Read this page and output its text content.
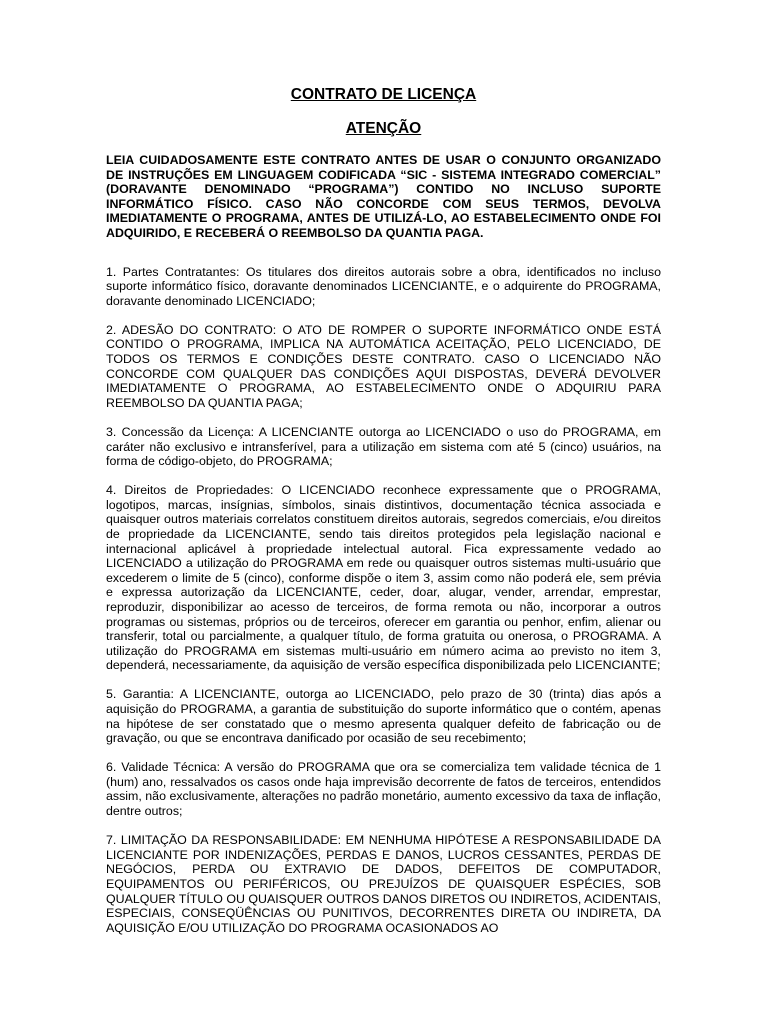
CONTRATO DE LICENÇA
ATENÇÃO

LEIA CUIDADOSAMENTE ESTE CONTRATO ANTES DE USAR O CONJUNTO ORGANIZADO DE INSTRUÇÕES EM LINGUAGEM CODIFICADA “SIC - SISTEMA INTEGRADO COMERCIAL” (DORAVANTE DENOMINADO “PROGRAMA”) CONTIDO NO INCLUSO SUPORTE INFORMÁTICO FÍSICO. CASO NÃO CONCORDE COM SEUS TERMOS, DEVOLVA IMEDIATAMENTE O PROGRAMA, ANTES DE UTILIZÁ-LO, AO ESTABELECIMENTO ONDE FOI ADQUIRIDO, E RECEBERÁ O REEMBOLSO DA QUANTIA PAGA.

1. Partes Contratantes: Os titulares dos direitos autorais sobre a obra, identificados no incluso suporte informático físico, doravante denominados LICENCIANTE, e o adquirente do PROGRAMA, doravante denominado LICENCIADO;

2. ADESÃO DO CONTRATO: O ATO DE ROMPER O SUPORTE INFORMÁTICO ONDE ESTÁ CONTIDO O PROGRAMA, IMPLICA NA AUTOMÁTICA ACEITAÇÃO, PELO LICENCIADO, DE TODOS OS TERMOS E CONDIÇÕES DESTE CONTRATO. CASO O LICENCIADO NÃO CONCORDE COM QUALQUER DAS CONDIÇÕES AQUI DISPOSTAS, DEVERÁ DEVOLVER IMEDIATAMENTE O PROGRAMA, AO ESTABELECIMENTO ONDE O ADQUIRIU PARA REEMBOLSO DA QUANTIA PAGA;

3. Concessão da Licença: A LICENCIANTE outorga ao LICENCIADO o uso do PROGRAMA, em caráter não exclusivo e intransferível, para a utilização em sistema com até 5 (cinco) usuários, na forma de código-objeto, do PROGRAMA;

4. Direitos de Propriedades: O LICENCIADO reconhece expressamente que o PROGRAMA, logotipos, marcas, insígnias, símbolos, sinais distintivos, documentação técnica associada e quaisquer outros materiais correlatos constituem direitos autorais, segredos comerciais, e/ou direitos de propriedade da LICENCIANTE, sendo tais direitos protegidos pela legislação nacional e internacional aplicável à propriedade intelectual autoral. Fica expressamente vedado ao LICENCIADO a utilização do PROGRAMA em rede ou quaisquer outros sistemas multi-usuário que excederem o limite de 5 (cinco), conforme dispõe o item 3, assim como não poderá ele, sem prévia e expressa autorização da LICENCIANTE, ceder, doar, alugar, vender, arrendar, emprestar, reproduzir, disponibilizar ao acesso de terceiros, de forma remota ou não, incorporar a outros programas ou sistemas, próprios ou de terceiros, oferecer em garantia ou penhor, enfim, alienar ou transferir, total ou parcialmente, a qualquer título, de forma gratuita ou onerosa, o PROGRAMA. A utilização do PROGRAMA em sistemas multi-usuário em número acima ao previsto no item 3, dependerá, necessariamente, da aquisição de versão específica disponibilizada pelo LICENCIANTE;

5. Garantia: A LICENCIANTE, outorga ao LICENCIADO, pelo prazo de 30 (trinta) dias após a aquisição do PROGRAMA, a garantia de substituição do suporte informático que o contém, apenas na hipótese de ser constatado que o mesmo apresenta qualquer defeito de fabricação ou de gravação, ou que se encontrava danificado por ocasião de seu recebimento;

6. Validade Técnica: A versão do PROGRAMA que ora se comercializa tem validade técnica de 1 (hum) ano, ressalvados os casos onde haja imprevisão decorrente de fatos de terceiros, entendidos assim, não exclusivamente, alterações no padrão monetário, aumento excessivo da taxa de inflação, dentre outros;

7. LIMITAÇÃO DA RESPONSABILIDADE: EM NENHUMA HIPÓTESE A RESPONSABILIDADE DA LICENCIANTE POR INDENIZAÇÕES, PERDAS E DANOS, LUCROS CESSANTES, PERDAS DE NEGÓCIOS, PERDA OU EXTRAVIO DE DADOS, DEFEITOS DE COMPUTADOR, EQUIPAMENTOS OU PERIFÉRICOS, OU PREJUÍZOS DE QUAISQUER ESPÉCIES, SOB QUALQUER TÍTULO OU QUAISQUER OUTROS DANOS DIRETOS OU INDIRETOS, ACIDENTAIS, ESPECIAIS, CONSEQÜÊNCIAS OU PUNITIVOS, DECORRENTES DIRETA OU INDIRETA, DA AQUISIÇÃO E/OU UTILIZAÇÃO DO PROGRAMA OCASIONADOS AO
